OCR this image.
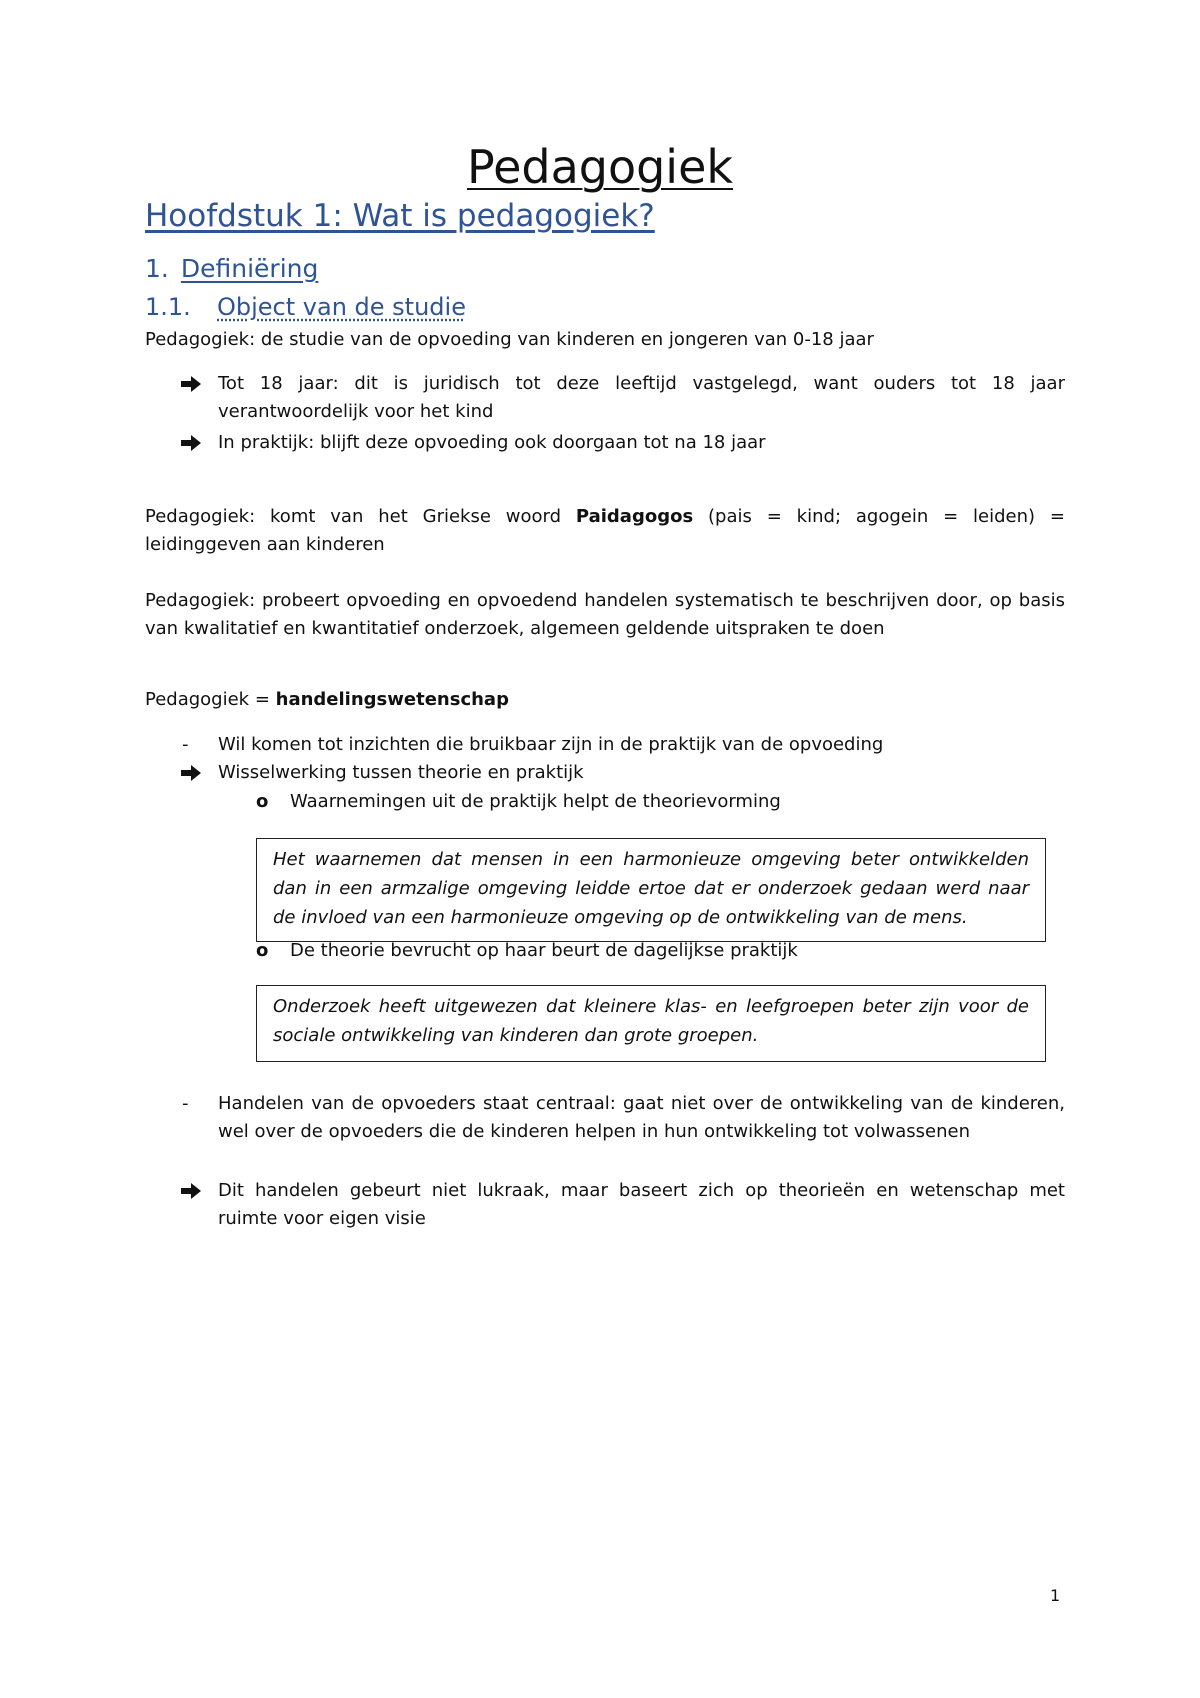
Pedagogiek
Hoofdstuk 1: Wat is pedagogiek?
1. Definiëring
1.1. Object van de studie
Pedagogiek: de studie van de opvoeding van kinderen en jongeren van 0-18 jaar
Tot 18 jaar: dit is juridisch tot deze leeftijd vastgelegd, want ouders tot 18 jaar verantwoordelijk voor het kind
In praktijk: blijft deze opvoeding ook doorgaan tot na 18 jaar
Pedagogiek: komt van het Griekse woord Paidagogos (pais = kind; agogein = leiden) = leidinggeven aan kinderen
Pedagogiek: probeert opvoeding en opvoedend handelen systematisch te beschrijven door, op basis van kwalitatief en kwantitatief onderzoek, algemeen geldende uitspraken te doen
Pedagogiek = handelingswetenschap
- Wil komen tot inzichten die bruikbaar zijn in de praktijk van de opvoeding
Wisselwerking tussen theorie en praktijk
o Waarnemingen uit de praktijk helpt de theorievorming
Het waarnemen dat mensen in een harmonieuze omgeving beter ontwikkelden dan in een armzalige omgeving leidde ertoe dat er onderzoek gedaan werd naar de invloed van een harmonieuze omgeving op de ontwikkeling van de mens.
o De theorie bevrucht op haar beurt de dagelijkse praktijk
Onderzoek heeft uitgewezen dat kleinere klas- en leefgroepen beter zijn voor de sociale ontwikkeling van kinderen dan grote groepen.
- Handelen van de opvoeders staat centraal: gaat niet over de ontwikkeling van de kinderen, wel over de opvoeders die de kinderen helpen in hun ontwikkeling tot volwassenen
Dit handelen gebeurt niet lukraak, maar baseert zich op theorieën en wetenschap met ruimte voor eigen visie
1
